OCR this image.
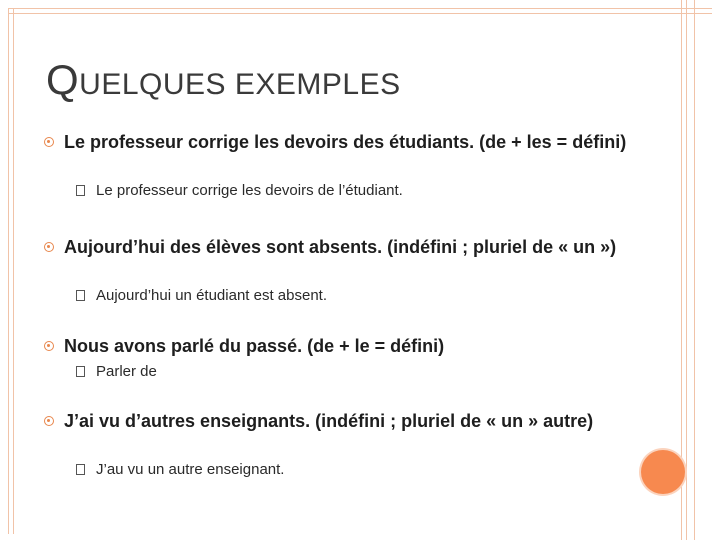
QUELQUES EXEMPLES
Le professeur corrige les devoirs des étudiants. (de + les = défini)
Le professeur corrige les devoirs de l’étudiant.
Aujourd’hui des élèves sont absents. (indéfini ; pluriel de « un »)
Aujourd’hui un étudiant est absent.
Nous avons parlé du passé. (de + le = défini)
Parler de
J’ai vu d’autres enseignants. (indéfini ; pluriel de « un » autre)
J’au vu un autre enseignant.
